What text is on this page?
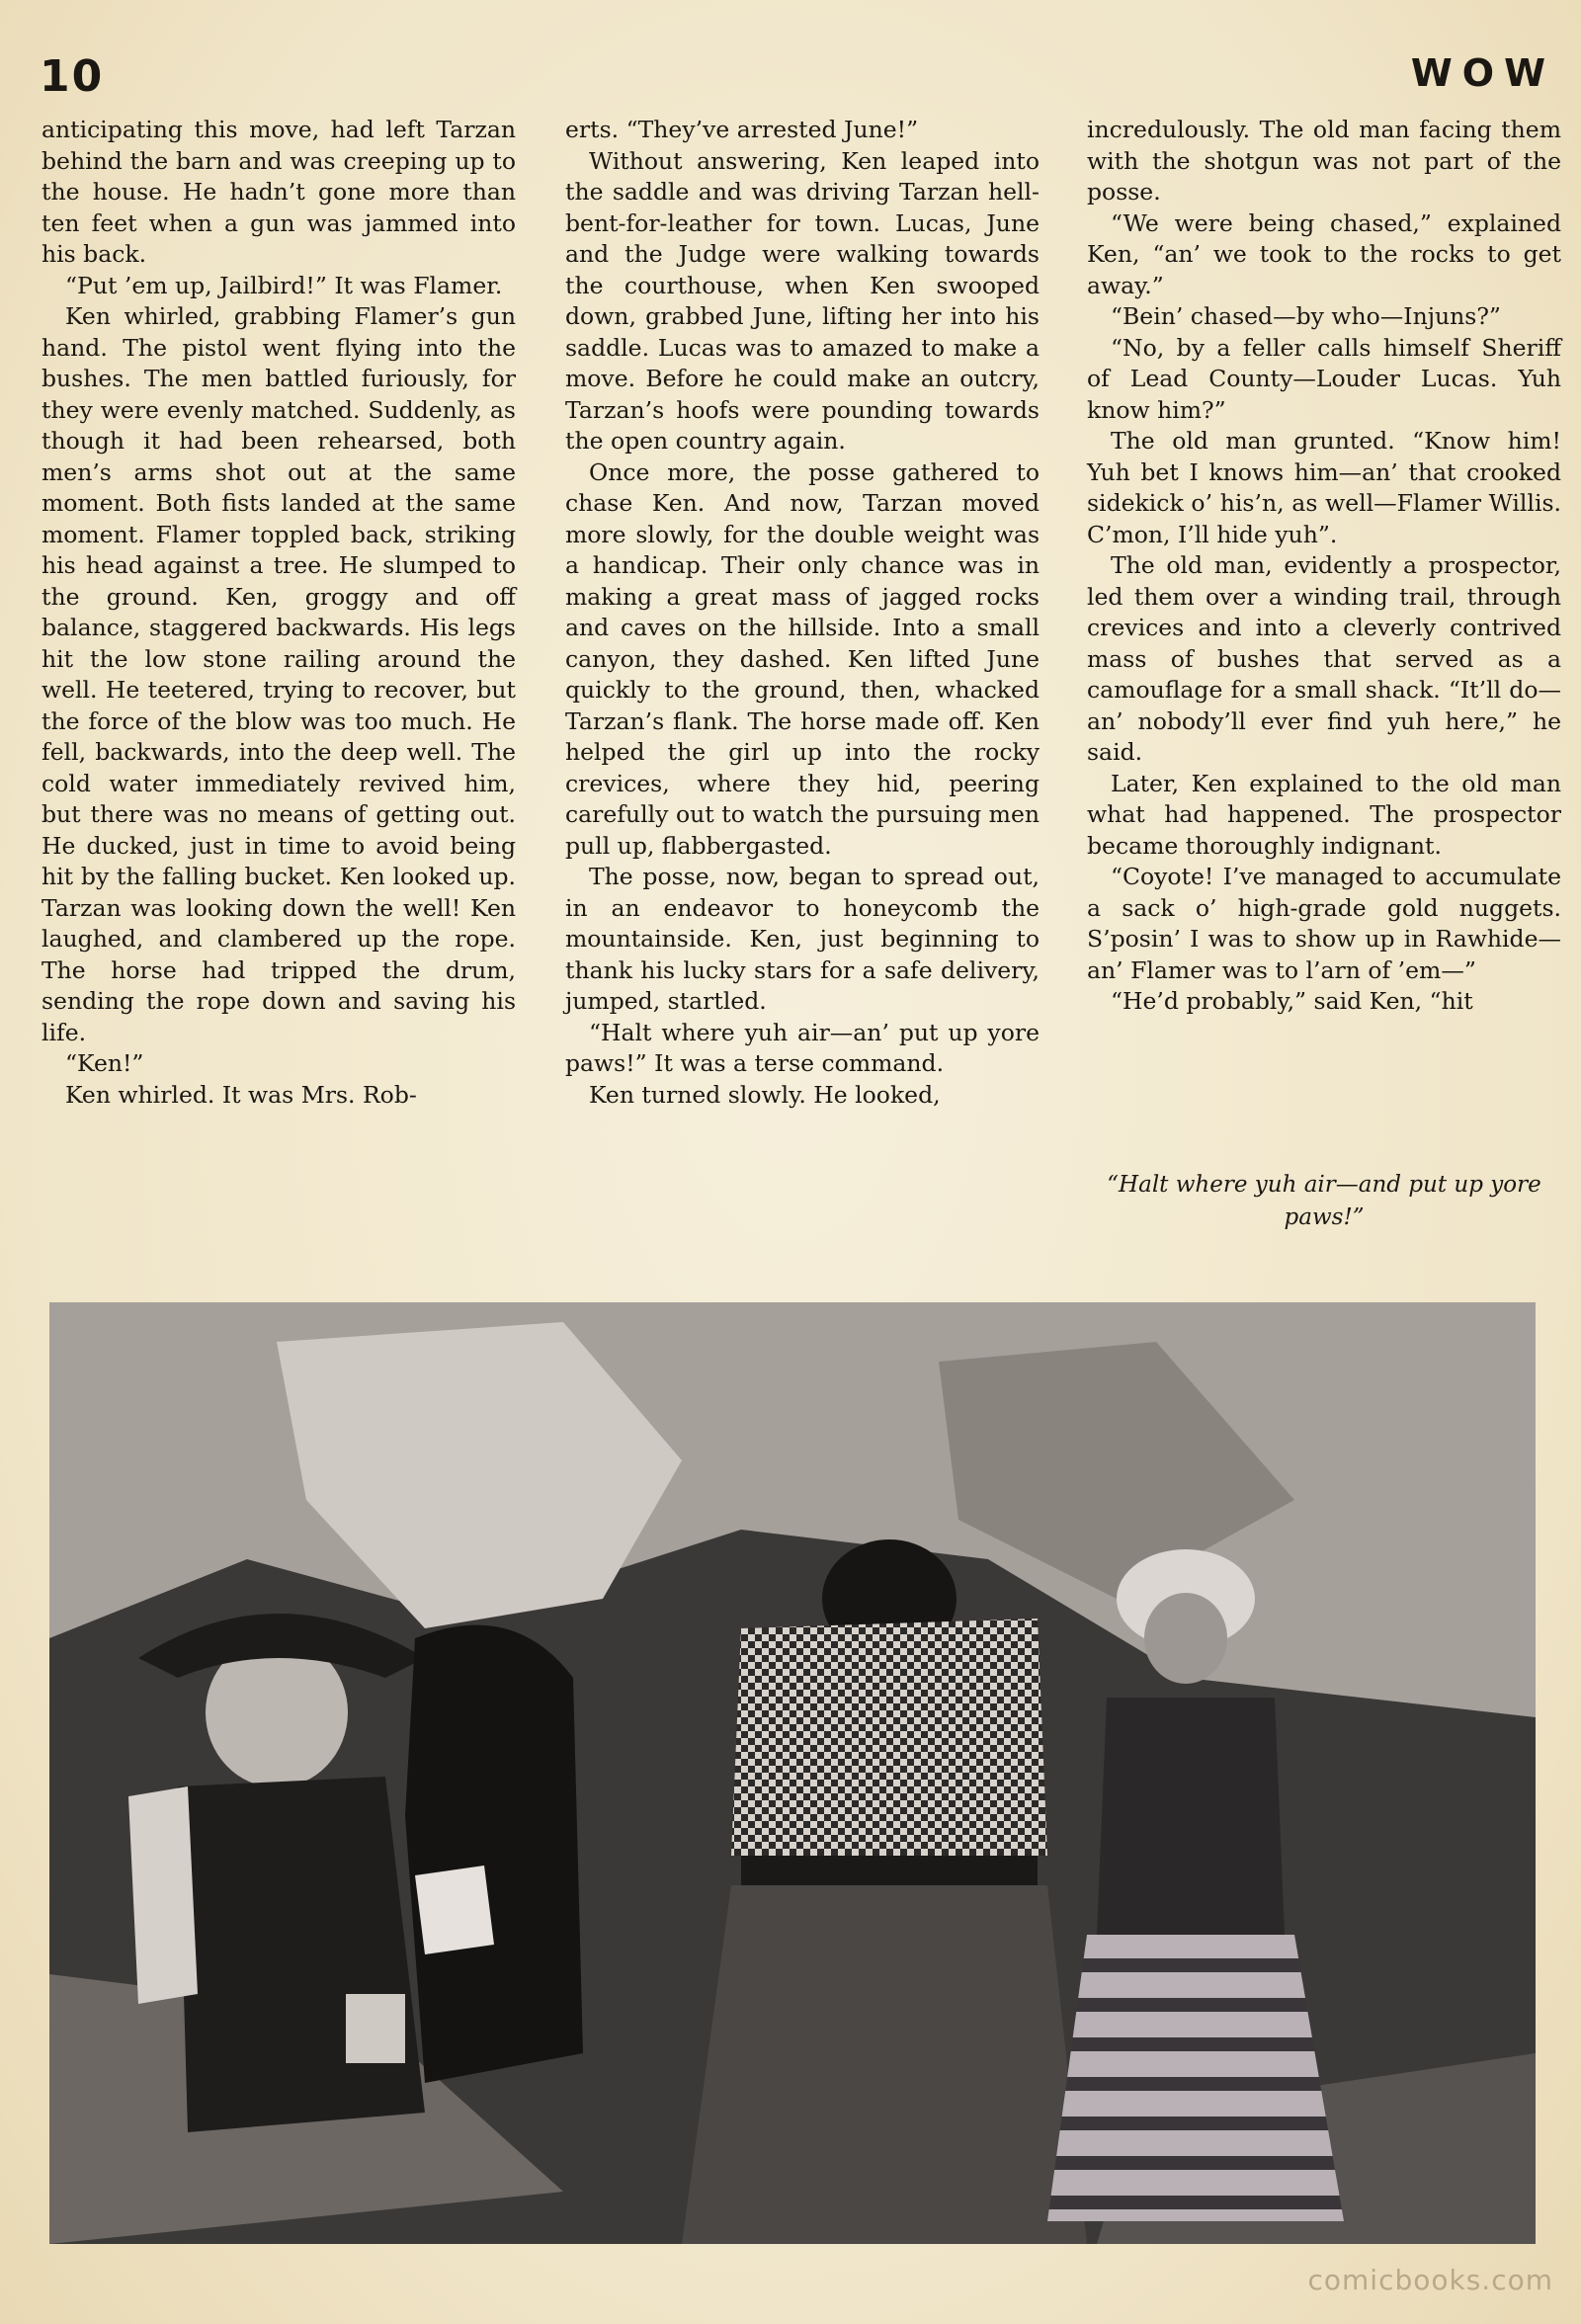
10	WOW

anticipating this move, had left Tarzan behind the barn and was creeping up to the house. He hadn’t gone more than ten feet when a gun was jammed into his back.

“Put ’em up, Jailbird!” It was Flamer.

Ken whirled, grabbing Flamer’s gun hand. The pistol went flying into the bushes. The men battled furiously, for they were evenly matched. Suddenly, as though it had been rehearsed, both men’s arms shot out at the same moment. Both fists landed at the same moment. Flamer toppled back, striking his head against a tree. He slumped to the ground. Ken, groggy and off balance, staggered backwards. His legs hit the low stone railing around the well. He teetered, trying to recover, but the force of the blow was too much. He fell, backwards, into the deep well. The cold water immediately revived him, but there was no means of getting out. He ducked, just in time to avoid being hit by the falling bucket. Ken looked up. Tarzan was looking down the well! Ken laughed, and clambered up the rope. The horse had tripped the drum, sending the rope down and saving his life.

“Ken!”

Ken whirled. It was Mrs. Rob-

erts. “They’ve arrested June!”

Without answering, Ken leaped into the saddle and was driving Tarzan hell-bent-for-leather for town. Lucas, June and the Judge were walking towards the courthouse, when Ken swooped down, grabbed June, lifting her into his saddle. Lucas was to amazed to make a move. Before he could make an outcry, Tarzan’s hoofs were pounding towards the open country again.

Once more, the posse gathered to chase Ken. And now, Tarzan moved more slowly, for the double weight was a handicap. Their only chance was in making a great mass of jagged rocks and caves on the hillside. Into a small canyon, they dashed. Ken lifted June quickly to the ground, then, whacked Tarzan’s flank. The horse made off. Ken helped the girl up into the rocky crevices, where they hid, peering carefully out to watch the pursuing men pull up, flabbergasted.

The posse, now, began to spread out, in an endeavor to honeycomb the mountainside. Ken, just beginning to thank his lucky stars for a safe delivery, jumped, startled.

“Halt where yuh air—an’ put up yore paws!” It was a terse command.

Ken turned slowly. He looked,

incredulously. The old man facing them with the shotgun was not part of the posse.

“We were being chased,” explained Ken, “an’ we took to the rocks to get away.”

“Bein’ chased—by who—Injuns?”

“No, by a feller calls himself Sheriff of Lead County—Louder Lucas. Yuh know him?”

The old man grunted. “Know him! Yuh bet I knows him—an’ that crooked sidekick o’ his’n, as well—Flamer Willis. C’mon, I’ll hide yuh”.

The old man, evidently a prospector, led them over a winding trail, through crevices and into a cleverly contrived mass of bushes that served as a camouflage for a small shack. “It’ll do—an’ nobody’ll ever find yuh here,” he said.

Later, Ken explained to the old man what had happened. The prospector became thoroughly indignant.

“Coyote! I’ve managed to accumulate a sack o’ high-grade gold nuggets. S’posin’ I was to show up in Rawhide—an’ Flamer was to l’arn of ’em—”

“He’d probably,” said Ken, “hit

“Halt where yuh air—and put up yore paws!”
comicbooks.com
